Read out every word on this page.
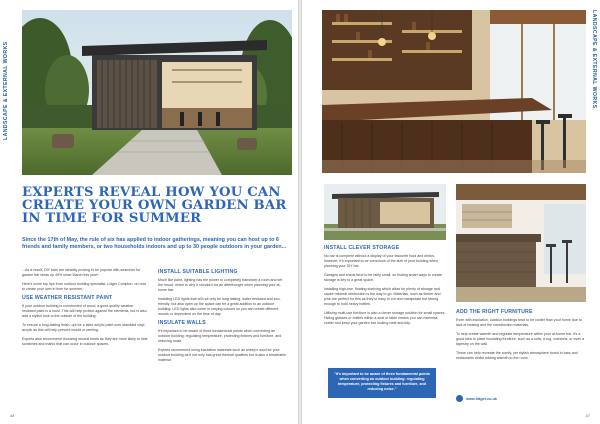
LANDSCAPE & EXTERNAL WORKS
EXPERTS REVEAL HOW YOU CAN
CREATE YOUR OWN GARDEN BAR
IN TIME FOR SUMMER
Since the 17th of May, the rule of six has applied to indoor gatherings, meaning you can host up to 6 friends and family members, or two households indoors and up to 30 people outdoors in your garden...

...As a result, DIY bars are steadily proving to be popular with searches for garden bar ideas up 49% since March this year*.

Here's some top tips from outdoor building specialist, Lidget Compton, on how to create your own in time for summer.

USE WEATHER RESISTANT PAINT

If your outdoor building is constructed of wood, a good quality weather resistant paint is a must. This will help protect against the elements, but is also add a stylish look to the outside of the building.

To ensure a long-lasting finish, opt for a latex acrylic paint over standard vinyl acrylic as this will help prevent mould or peeling.

Experts also recommend choosing neutral tones as they are more likely to hide scratches and marks that can occur in outdoor spaces.

INSTALL SUITABLE LIGHTING

Much like paint, lighting has the power to completely transform a room and set the mood, which is why it shouldn't be an afterthought when planning your at-home bar.

Installing LED lights that will not only be long lasting, water resistant and eco-friendly, but also open up the space can be a great addition to an outdoor building. LED lights also come in varying colours so you can create different moods or dependent on the time of day.

INSULATE WALLS

It's important to be aware of three fundamental points when converting an outdoor building: regulating temperature, protecting fixtures and furniture, and reducing noise.

Experts recommend using insulation materials such as sheep's wool for your outdoor building as it not only has great thermal qualities but is also a breathable material.

44
LANDSCAPE & EXTERNAL WORKS
INSTALL CLEVER STORAGE

No bar is complete without a display of your favourite food and drinks, however, it's important to be conscious of the size of your building when planning your DIY bar.

Garages and sheds tend to be fairly small, so finding smart ways to create storage is key to a great space.

Installing high-rise, floating shelving which allow for plenty of storage and cause minimal obstruction is the way to go. Materials, such as timber and pine are perfect for this as they're easy to cut and manipulate but strong enough to hold heavy bottles.

Utilising multi-use furniture is also a clever storage solution for small spaces. Hiding glasses or bottles within a seat or table means you can minimise clutter and keep your garden bar looking neat and tidy.

"It's important to be aware of three fundamental points when converting an outdoor building: regulating temperature, protecting fixtures and furniture, and reducing noise."
ADD THE RIGHT FURNITURE

Even with insulation, outdoor buildings tend to be colder than your home due to lack of heating and the construction materials.

To help create warmth and regulate temperature within your at-home bar, it's a good idea to place insulating furniture, such as a sofa, a rug, cushions, or even a tapestry on the wall.

These can help recreate the comfy, yet stylish atmosphere found in bars and restaurants whilst adding warmth to the room.

www.lidget.co.uk
47
